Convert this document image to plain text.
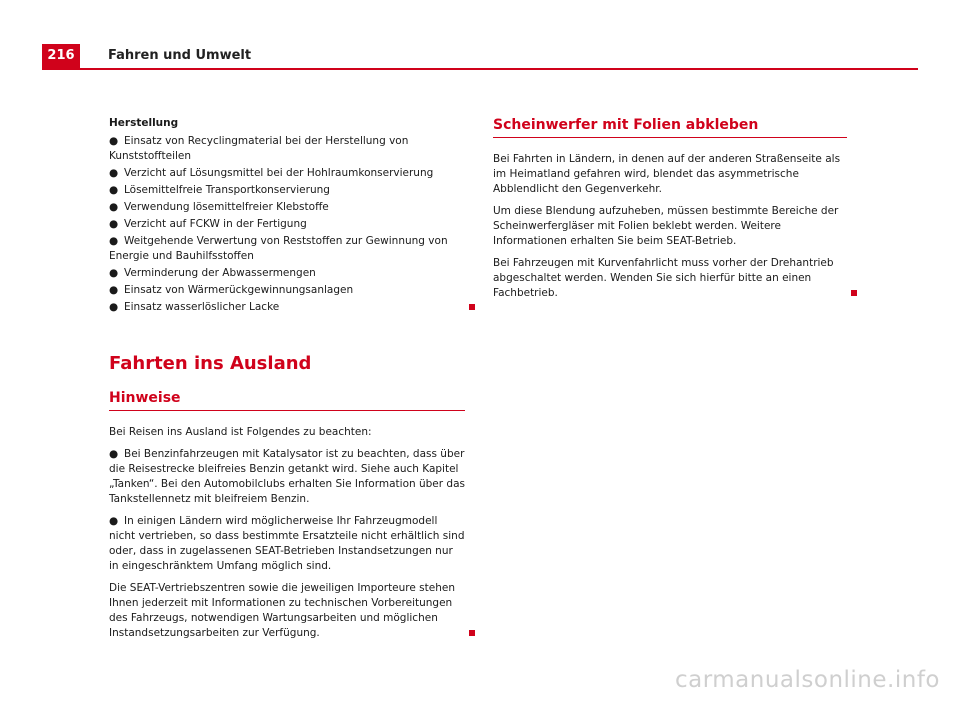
216	Fahren und Umwelt
Herstellung
● Einsatz von Recyclingmaterial bei der Herstellung von Kunststoffteilen
● Verzicht auf Lösungsmittel bei der Hohlraumkonservierung
● Lösemittelfreie Transportkonservierung
● Verwendung lösemittelfreier Klebstoffe
● Verzicht auf FCKW in der Fertigung
● Weitgehende Verwertung von Reststoffen zur Gewinnung von Energie und Bauhilfsstoffen
● Verminderung der Abwassermengen
● Einsatz von Wärmerückgewinnungsanlagen
● Einsatz wasserlöslicher Lacke
Fahrten ins Ausland
Hinweise

Bei Reisen ins Ausland ist Folgendes zu beachten:

● Bei Benzinfahrzeugen mit Katalysator ist zu beachten, dass über die Reisestrecke bleifreies Benzin getankt wird. Siehe auch Kapitel „Tanken“. Bei den Automobilclubs erhalten Sie Information über das Tankstellennetz mit bleifreiem Benzin.

● In einigen Ländern wird möglicherweise Ihr Fahrzeugmodell nicht vertrieben, so dass bestimmte Ersatzteile nicht erhältlich sind oder, dass in zugelassenen SEAT-Betrieben Instandsetzungen nur in eingeschränktem Umfang möglich sind.

Die SEAT-Vertriebszentren sowie die jeweiligen Importeure stehen Ihnen jederzeit mit Informationen zu technischen Vorbereitungen des Fahrzeugs, notwendigen Wartungsarbeiten und möglichen Instandsetzungsarbeiten zur Verfügung.

Scheinwerfer mit Folien abkleben

Bei Fahrten in Ländern, in denen auf der anderen Straßenseite als im Heimatland gefahren wird, blendet das asymmetrische Abblendlicht den Gegenverkehr.

Um diese Blendung aufzuheben, müssen bestimmte Bereiche der Scheinwerfergläser mit Folien beklebt werden. Weitere Informationen erhalten Sie beim SEAT-Betrieb.

Bei Fahrzeugen mit Kurvenfahrlicht muss vorher der Drehantrieb abgeschaltet werden. Wenden Sie sich hierfür bitte an einen Fachbetrieb.

carmanualsonline.info
